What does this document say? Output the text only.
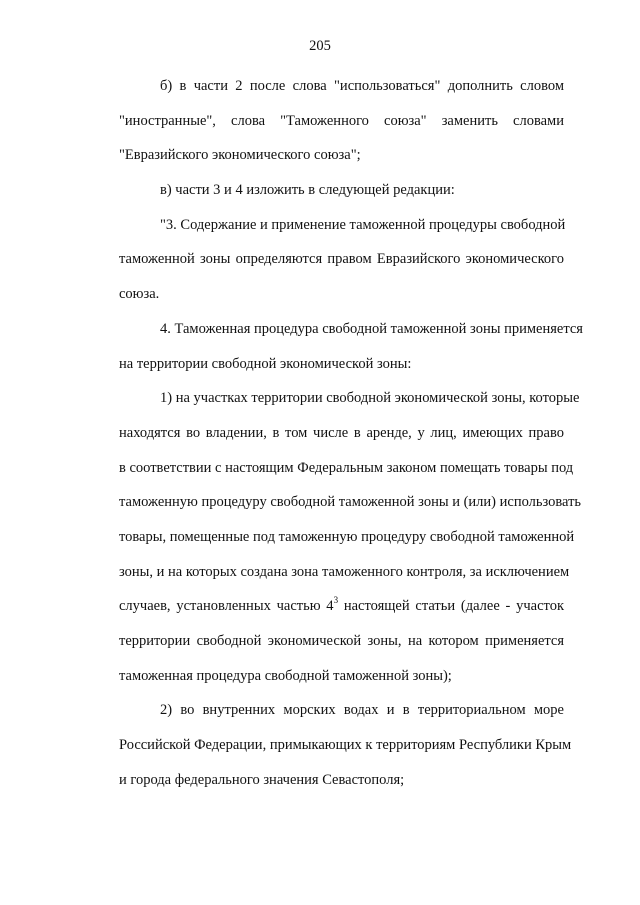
205
б) в части 2 после слова "использоваться" дополнить словом
"иностранные", слова "Таможенного союза" заменить словами
"Евразийского экономического союза";
в) части 3 и 4 изложить в следующей редакции:
"3. Содержание и применение таможенной процедуры свободной
таможенной зоны определяются правом Евразийского экономического
союза.
4. Таможенная процедура свободной таможенной зоны применяется
на территории свободной экономической зоны:
1) на участках территории свободной экономической зоны, которые
находятся во владении, в том числе в аренде, у лиц, имеющих право
в соответствии с настоящим Федеральным законом помещать товары под
таможенную процедуру свободной таможенной зоны и (или) использовать
товары, помещенные под таможенную процедуру свободной таможенной
зоны, и на которых создана зона таможенного контроля, за исключением
случаев, установленных частью $4^3$ настоящей статьи (далее - участок
территории свободной экономической зоны, на котором применяется
таможенная процедура свободной таможенной зоны);
2) во внутренних морских водах и в территориальном море
Российской Федерации, примыкающих к территориям Республики Крым
и города федерального значения Севастополя;
